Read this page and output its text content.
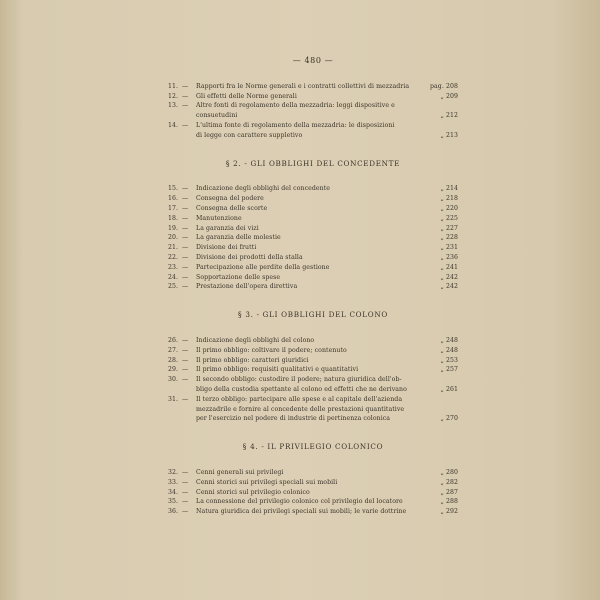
— 480 —
11. —	Rapporti fra le Norme generali e i contratti collettivi di mezzadria	pag. 208
12. —	Gli effetti delle Norme generali	„ 209
13. —	Altre fonti di regolamento della mezzadria: leggi dispositive e
consuetudini	„ 212
14. —	L'ultima fonte di regolamento della mezzadria: le disposizioni
di legge con carattere suppletivo	„ 213
§ 2. - GLI OBBLIGHI DEL CONCEDENTE
15. —	Indicazione degli obblighi del concedente	„ 214
16. —	Consegna del podere	„ 218
17. —	Consegna delle scorte	„ 220
18. —	Manutenzione	„ 225
19. —	La garanzia dei vizi	„ 227
20. —	La garanzia delle molestie	„ 228
21. —	Divisione dei frutti	„ 231
22. —	Divisione dei prodotti della stalla	„ 236
23. —	Partecipazione alle perdite della gestione	„ 241
24. —	Sopportazione delle spese	„ 242
25. —	Prestazione dell'opera direttiva	„ 242
§ 3. - GLI OBBLIGHI DEL COLONO
26. —	Indicazione degli obblighi del colono	„ 248
27. —	Il primo obbligo: coltivare il podere; contenuto	„ 248
28. —	Il primo obbligo: caratteri giuridici	„ 253
29. —	Il primo obbligo: requisiti qualitativi e quantitativi	„ 257
30. —	Il secondo obbligo: custodire il podere; natura giuridica dell'ob-
bligo della custodia spettante al colono ed effetti che ne derivano	„ 261
31. —	Il terzo obbligo: partecipare alle spese e al capitale dell'azienda
mezzadrile e fornire al concedente delle prestazioni quantitative
per l'esercizio nel podere di industrie di pertinenza colonica	„ 270
§ 4. - IL PRIVILEGIO COLONICO
32. —	Cenni generali sui privilegi	„ 280
33. —	Cenni storici sui privilegi speciali sui mobili	„ 282
34. —	Cenni storici sul privilegio colonico	„ 287
35. —	La connessione del privilegio colonico col privilegio del locatore	„ 288
36. —	Natura giuridica dei privilegi speciali sui mobili; le varie dottrine	„ 292
